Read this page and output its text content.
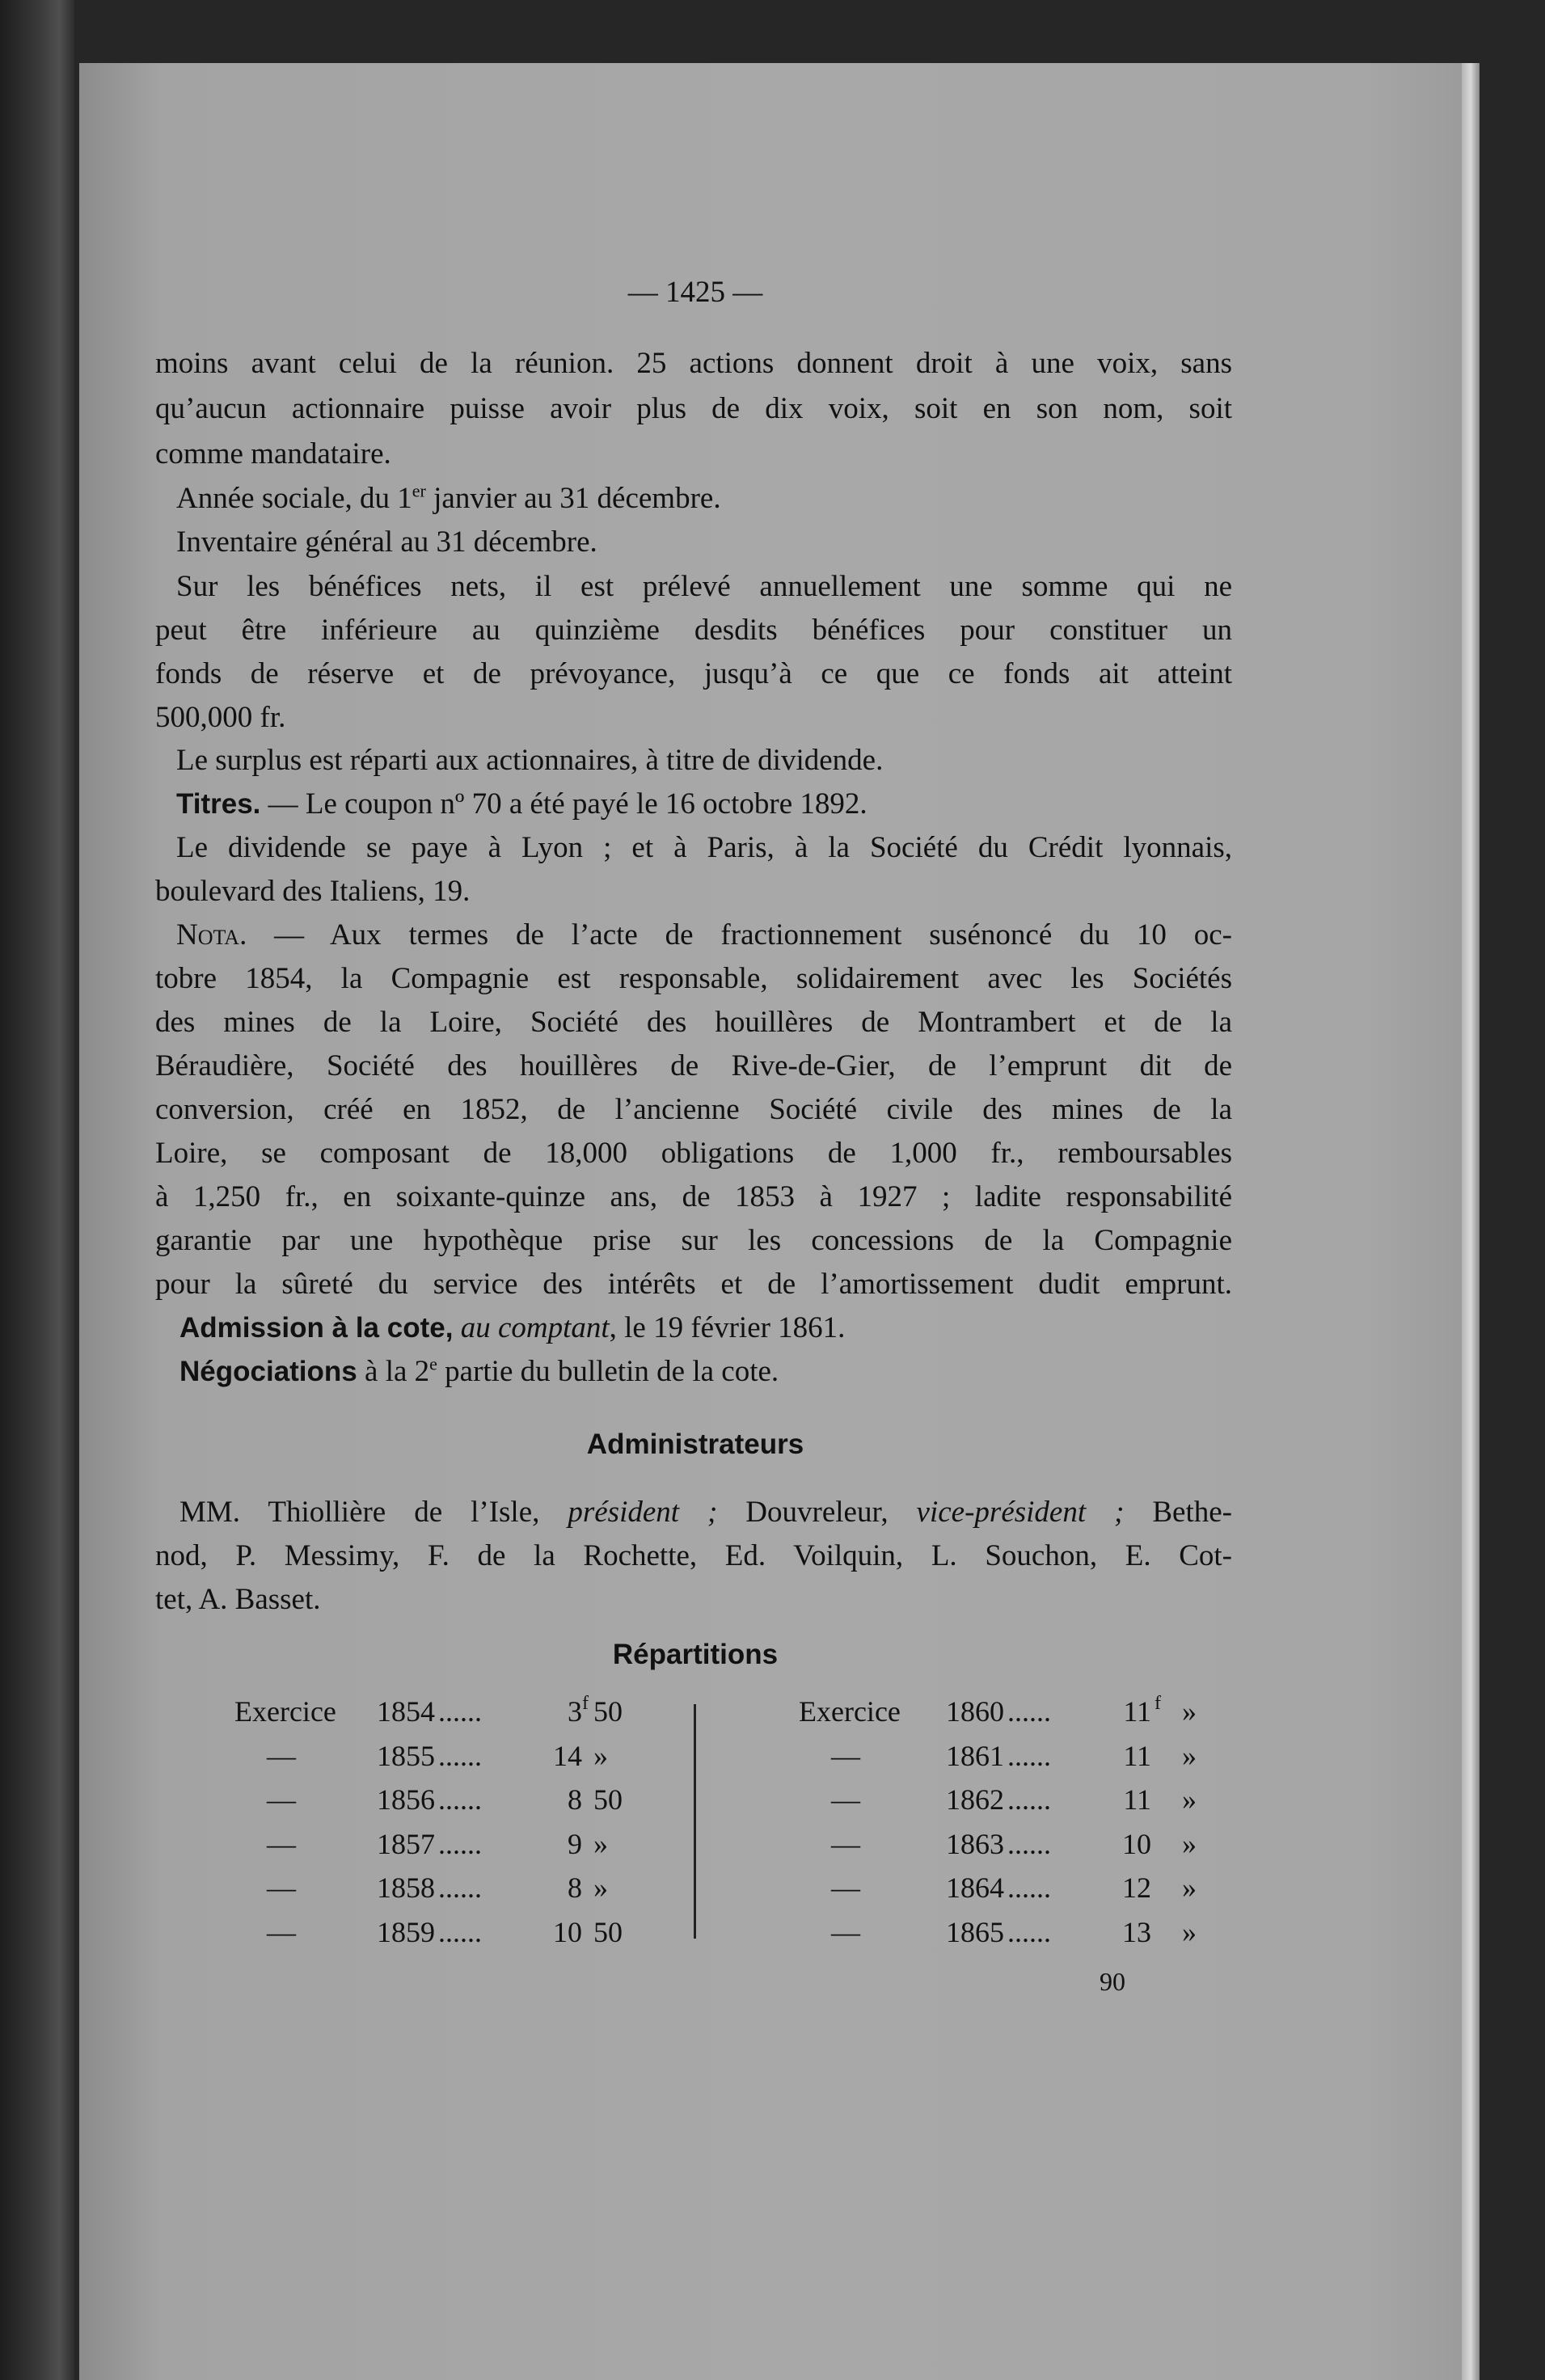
— 1425 —
moins avant celui de la réunion. 25 actions donnent droit à une voix, sans
qu’aucun actionnaire puisse avoir plus de dix voix, soit en son nom, soit
comme mandataire.
Année sociale, du 1er janvier au 31 décembre.
Inventaire général au 31 décembre.
Sur les bénéfices nets, il est prélevé annuellement une somme qui ne
peut être inférieure au quinzième desdits bénéfices pour constituer un
fonds de réserve et de prévoyance, jusqu’à ce que ce fonds ait atteint
500,000 fr.
Le surplus est réparti aux actionnaires, à titre de dividende.
Titres. — Le coupon nº 70 a été payé le 16 octobre 1892.
Le dividende se paye à Lyon ; et à Paris, à la Société du Crédit lyonnais,
boulevard des Italiens, 19.
Nota. — Aux termes de l’acte de fractionnement susénoncé du 10 oc-
tobre 1854, la Compagnie est responsable, solidairement avec les Sociétés
des mines de la Loire, Société des houillères de Montrambert et de la
Béraudière, Société des houillères de Rive-de-Gier, de l’emprunt dit de
conversion, créé en 1852, de l’ancienne Société civile des mines de la
Loire, se composant de 18,000 obligations de 1,000 fr., remboursables
à 1,250 fr., en soixante-quinze ans, de 1853 à 1927 ; ladite responsabilité
garantie par une hypothèque prise sur les concessions de la Compagnie
pour la sûreté du service des intérêts et de l’amortissement dudit emprunt.
Admission à la cote, au comptant, le 19 février 1861.
Négociations à la 2e partie du bulletin de la cote.
Administrateurs
MM. Thiollière de l’Isle, président ; Douvreleur, vice-président ; Bethe-
nod, P. Messimy, F. de la Rochette, Ed. Voilquin, L. Souchon, E. Cot-
tet, A. Basset.
Répartitions
Exercice 1854 ......	3 f 50
—	1855 ......	14 »
—	1856 ......	8 50
—	1857 ......	9 »
—	1858 ......	8 »
—	1859 ......	10 50
Exercice 1860 ......	11 f »
—	1861 ......	11 »
—	1862 ......	11 »
—	1863 ......	10 »
—	1864 ......	12 »
—	1865 ......	13 »
90
